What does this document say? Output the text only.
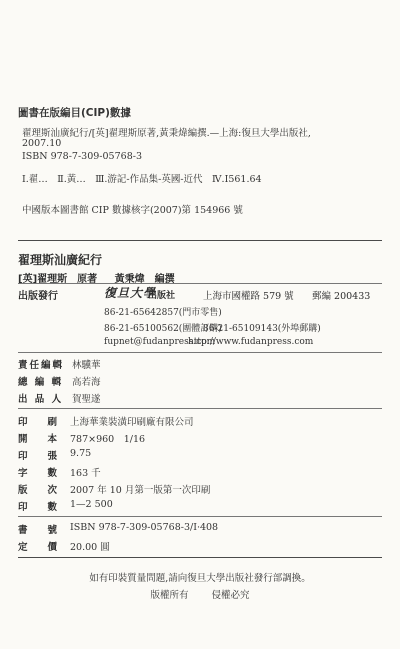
圖書在版編目(CIP)數據
翟理斯汕廣紀行/[英]翟理斯原著,黃秉煒編撰.—上海:復旦大學出版社,
2007.10
ISBN 978-7-309-05768-3
Ⅰ.翟…　Ⅱ.黃…　Ⅲ.游記-作品集-英國-近代　Ⅳ.I561.64
中國版本圖書館 CIP 數據核字(2007)第 154966 號
翟理斯汕廣紀行
[英]翟理斯　原著 黃秉煒　編撰
出版發行	復旦大學
出版社	上海市國權路 579 號 郵編 200433
86-21-65642857(門市零售)
86-21-65100562(團體訂購)
86-21-65109143(外埠郵購)
fupnet@fudanpress.com
http://www.fudanpress.com
責任編輯 林驥華
總 編 輯 高若海
出 品 人 賀聖遂
印刷
上海華業裝潢印刷廠有限公司
開本
787×960　1/16
印張
9.75
字數
163 千
版次
2007 年 10 月第一版第一次印刷
印數
1—2 500
書號
ISBN 978-7-309-05768-3/I·408
定價
20.00 圓
如有印裝質量問題,請向復旦大學出版社發行部調換。
版權所有 侵權必究
